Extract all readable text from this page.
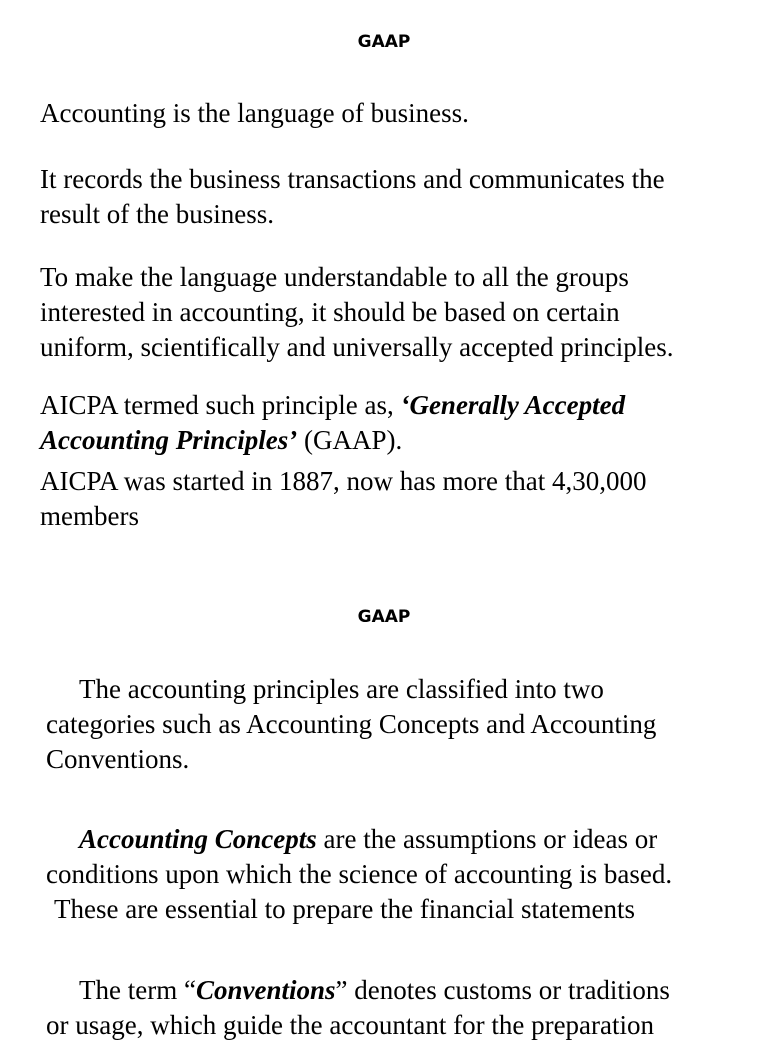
GAAP

Accounting is the language of business.

It records the business transactions and communicates the
result of the business.

To make the language understandable to all the groups
interested in accounting, it should be based on certain
uniform, scientifically and universally accepted principles.

AICPA termed such principle as, ‘Generally Accepted
Accounting Principles’ (GAAP).

AICPA was started in 1887, now has more that 4,30,000
members

GAAP

The accounting principles are classified into two
categories such as Accounting Concepts and Accounting
Conventions.

Accounting Concepts are the assumptions or ideas or
conditions upon which the science of accounting is based.
These are essential to prepare the financial statements

The term “Conventions” denotes customs or traditions
or usage, which guide the accountant for the preparation
